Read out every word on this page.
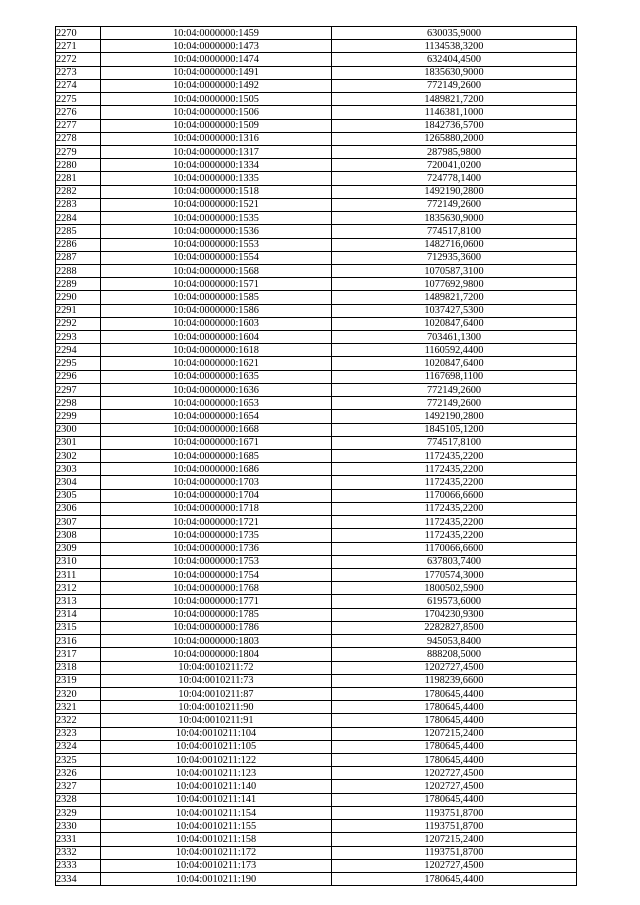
2270	10:04:0000000:1459	630035,9000
2271	10:04:0000000:1473	1134538,3200
2272	10:04:0000000:1474	632404,4500
2273	10:04:0000000:1491	1835630,9000
2274	10:04:0000000:1492	772149,2600
2275	10:04:0000000:1505	1489821,7200
2276	10:04:0000000:1506	1146381,1000
2277	10:04:0000000:1509	1842736,5700
2278	10:04:0000000:1316	1265880,2000
2279	10:04:0000000:1317	287985,9800
2280	10:04:0000000:1334	720041,0200
2281	10:04:0000000:1335	724778,1400
2282	10:04:0000000:1518	1492190,2800
2283	10:04:0000000:1521	772149,2600
2284	10:04:0000000:1535	1835630,9000
2285	10:04:0000000:1536	774517,8100
2286	10:04:0000000:1553	1482716,0600
2287	10:04:0000000:1554	712935,3600
2288	10:04:0000000:1568	1070587,3100
2289	10:04:0000000:1571	1077692,9800
2290	10:04:0000000:1585	1489821,7200
2291	10:04:0000000:1586	1037427,5300
2292	10:04:0000000:1603	1020847,6400
2293	10:04:0000000:1604	703461,1300
2294	10:04:0000000:1618	1160592,4400
2295	10:04:0000000:1621	1020847,6400
2296	10:04:0000000:1635	1167698,1100
2297	10:04:0000000:1636	772149,2600
2298	10:04:0000000:1653	772149,2600
2299	10:04:0000000:1654	1492190,2800
2300	10:04:0000000:1668	1845105,1200
2301	10:04:0000000:1671	774517,8100
2302	10:04:0000000:1685	1172435,2200
2303	10:04:0000000:1686	1172435,2200
2304	10:04:0000000:1703	1172435,2200
2305	10:04:0000000:1704	1170066,6600
2306	10:04:0000000:1718	1172435,2200
2307	10:04:0000000:1721	1172435,2200
2308	10:04:0000000:1735	1172435,2200
2309	10:04:0000000:1736	1170066,6600
2310	10:04:0000000:1753	637803,7400
2311	10:04:0000000:1754	1770574,3000
2312	10:04:0000000:1768	1800502,5900
2313	10:04:0000000:1771	619573,6000
2314	10:04:0000000:1785	1704230,9300
2315	10:04:0000000:1786	2282827,8500
2316	10:04:0000000:1803	945053,8400
2317	10:04:0000000:1804	888208,5000
2318	10:04:0010211:72	1202727,4500
2319	10:04:0010211:73	1198239,6600
2320	10:04:0010211:87	1780645,4400
2321	10:04:0010211:90	1780645,4400
2322	10:04:0010211:91	1780645,4400
2323	10:04:0010211:104	1207215,2400
2324	10:04:0010211:105	1780645,4400
2325	10:04:0010211:122	1780645,4400
2326	10:04:0010211:123	1202727,4500
2327	10:04:0010211:140	1202727,4500
2328	10:04:0010211:141	1780645,4400
2329	10:04:0010211:154	1193751,8700
2330	10:04:0010211:155	1193751,8700
2331	10:04:0010211:158	1207215,2400
2332	10:04:0010211:172	1193751,8700
2333	10:04:0010211:173	1202727,4500
2334	10:04:0010211:190	1780645,4400
